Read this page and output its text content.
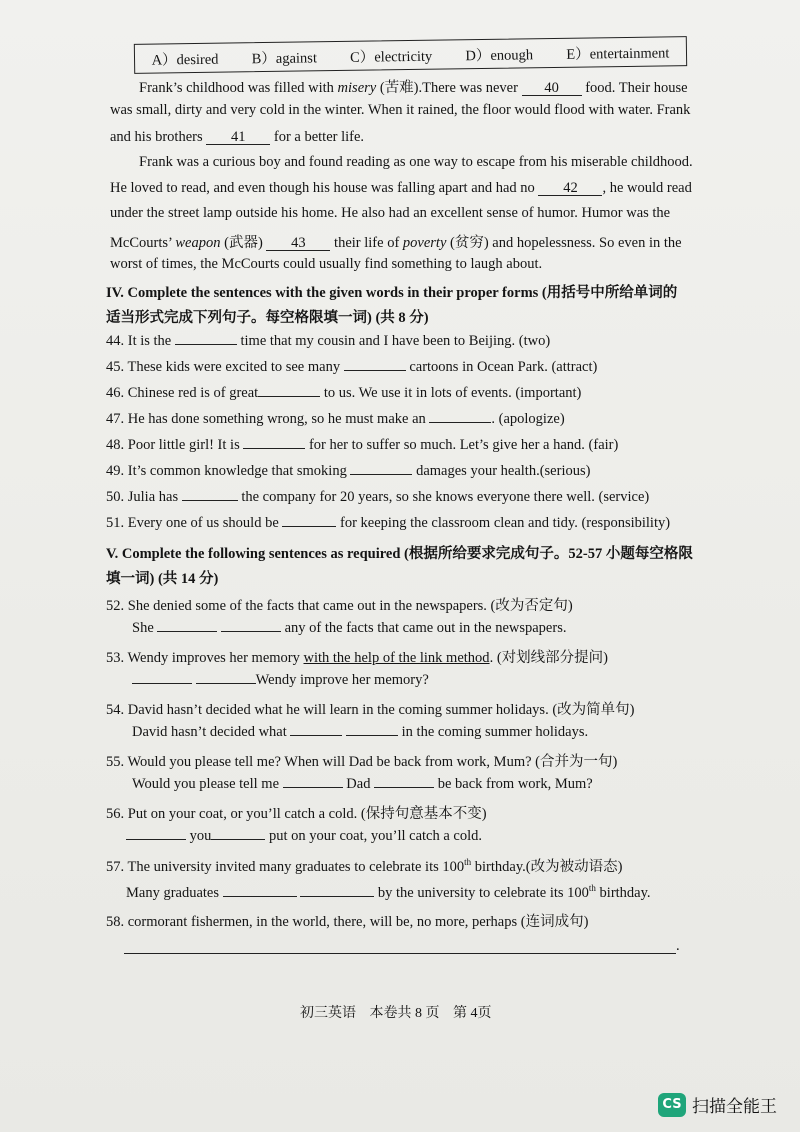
A）desired B）against C）electricity D）enough E）entertainment
Frank’s childhood was filled with misery (苦难).There was never 40 food. Their house
was small, dirty and very cold in the winter. When it rained, the floor would flood with water. Frank
and his brothers 41 for a better life.
Frank was a curious boy and found reading as one way to escape from his miserable childhood.
He loved to read, and even though his house was falling apart and had no 42 , he would read
under the street lamp outside his home. He also had an excellent sense of humor. Humor was the
McCourts’ weapon (武器) 43 their life of poverty (贫穷) and hopelessness. So even in the
worst of times, the McCourts could usually find something to laugh about.
IV. Complete the sentences with the given words in their proper forms (用括号中所给单词的
适当形式完成下列句子。每空格限填一词) (共 8 分)
44. It is the	time that my cousin and I have been to Beijing. (two)
45. These kids were excited to see many	cartoons in Ocean Park. (attract)
46. Chinese red is of great	to us. We use it in lots of events. (important)
47. He has done something wrong, so he must make an	. (apologize)
48. Poor little girl! It is	for her to suffer so much. Let’s give her a hand. (fair)
49. It’s common knowledge that smoking	damages your health.(serious)
50. Julia has	the company for 20 years, so she knows everyone there well. (service)
51. Every one of us should be	for keeping the classroom clean and tidy. (responsibility)
V. Complete the following sentences as required (根据所给要求完成句子。52-57 小题每空格限
填一词) (共 14 分)
52. She denied some of the facts that came out in the newspapers. (改为否定句)
She	any of the facts that came out in the newspapers.
53. Wendy improves her memory with the help of the link method. (对划线部分提问)
Wendy improve her memory?
54. David hasn’t decided what he will learn in the coming summer holidays. (改为简单句)
David hasn’t decided what	in the coming summer holidays.
55. Would you please tell me? When will Dad be back from work, Mum? (合并为一句)
Would you please tell me	Dad	be back from work, Mum?
56. Put on your coat, or you’ll catch a cold. (保持句意基本不变)
you	put on your coat, you’ll catch a cold.
57. The university invited many graduates to celebrate its 100th birthday.(改为被动语态)
Many graduates	by the university to celebrate its 100th birthday.
58. cormorant fishermen, in the world, there, will be, no more, perhaps (连词成句)
.
初三英语 本卷共 8 页 第 4页
CS 扫描全能王
